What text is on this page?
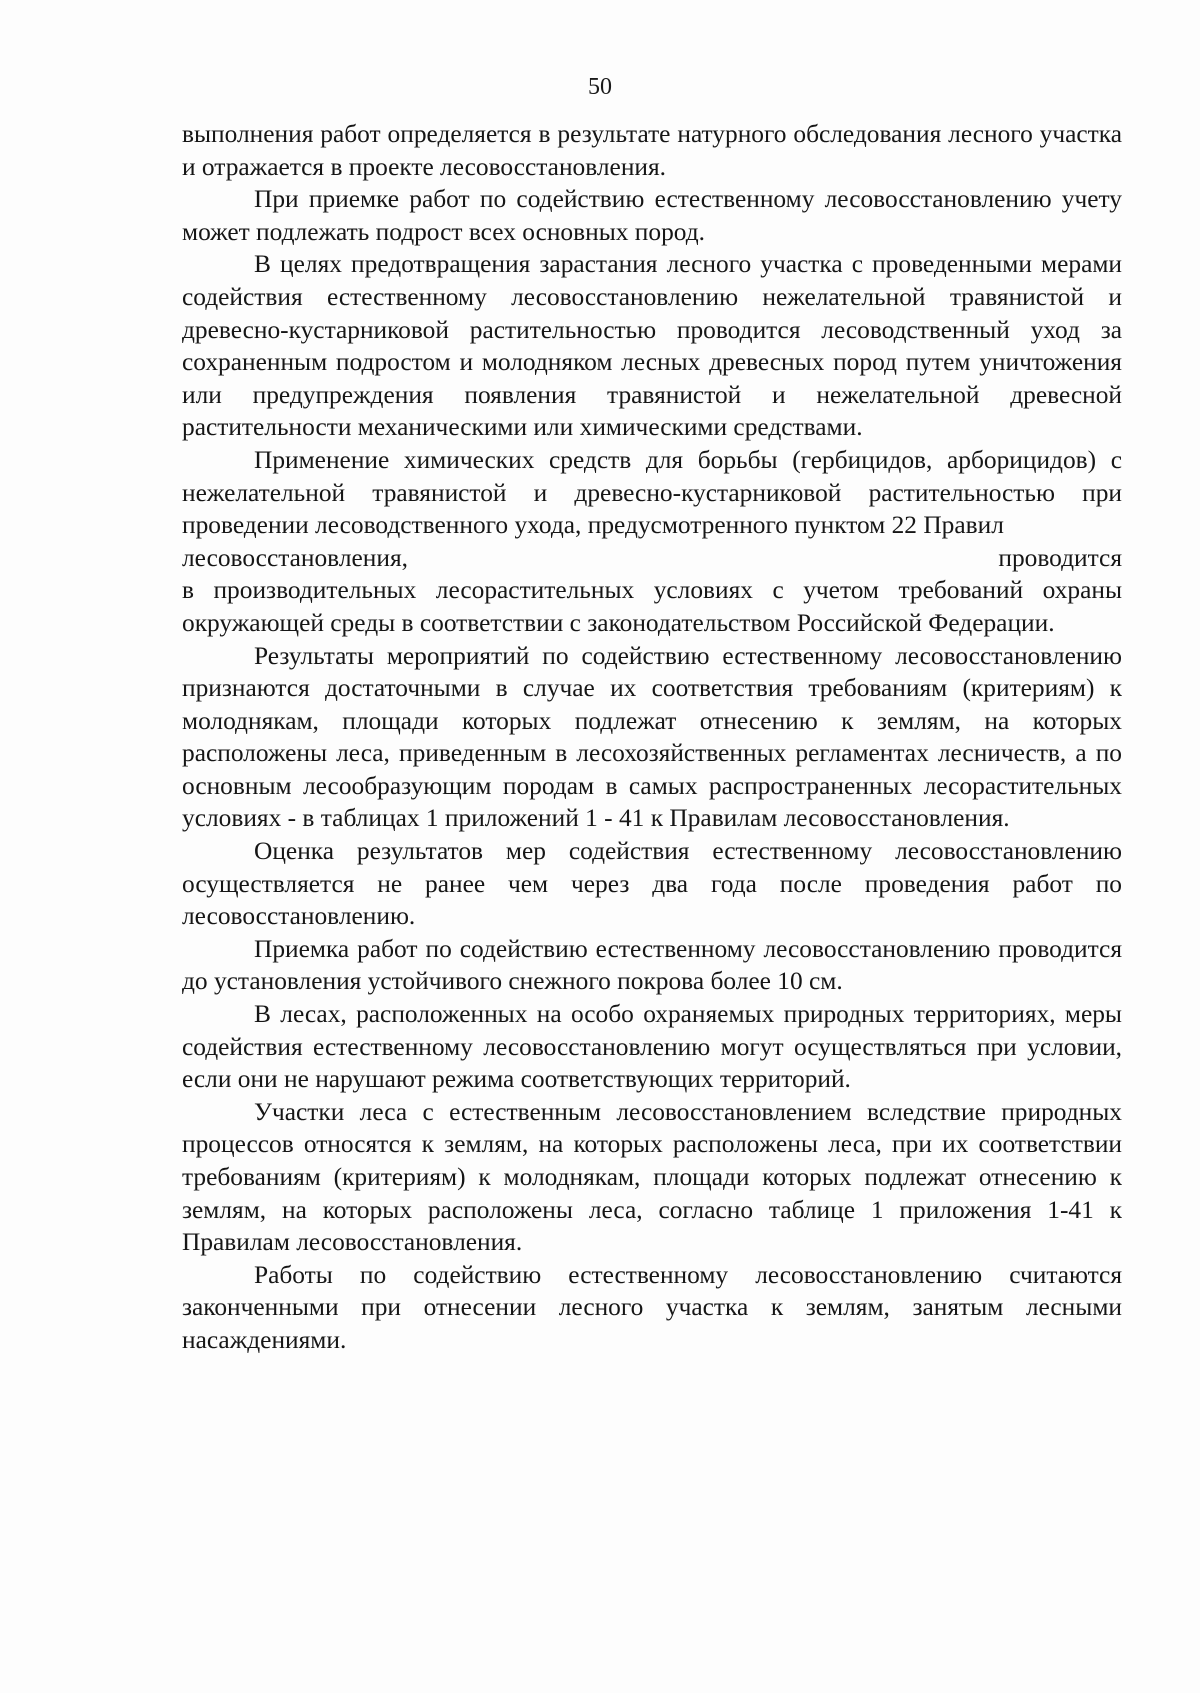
50

выполнения работ определяется в результате натурного обследования лесного участка и отражается в проекте лесовосстановления.

При приемке работ по содействию естественному лесовосстановлению учету может подлежать подрост всех основных пород.

В целях предотвращения зарастания лесного участка с проведенными мерами содействия естественному лесовосстановлению нежелательной травянистой и древесно-кустарниковой растительностью проводится лесоводственный уход за сохраненным подростом и молодняком лесных древесных пород путем уничтожения или предупреждения появления травянистой и нежелательной древесной растительности механическими или химическими средствами.

Применение химических средств для борьбы (гербицидов, арборицидов) с нежелательной травянистой и древесно-кустарниковой растительностью при проведении лесоводственного ухода, предусмотренного пунктом 22 Правил

лесовосстановления,	проводится

в производительных лесорастительных условиях с учетом требований охраны окружающей среды в соответствии с законодательством Российской Федерации.

Результаты мероприятий по содействию естественному лесовосстановлению признаются достаточными в случае их соответствия требованиям (критериям) к молоднякам, площади которых подлежат отнесению к землям, на которых расположены леса, приведенным в лесохозяйственных регламентах лесничеств, а по основным лесообразующим породам в самых распространенных лесорастительных условиях - в таблицах 1 приложений 1 - 41 к Правилам лесовосстановления.

Оценка результатов мер содействия естественному лесовосстановлению осуществляется не ранее чем через два года после проведения работ по лесовосстановлению.

Приемка работ по содействию естественному лесовосстановлению проводится до установления устойчивого снежного покрова более 10 см.

В лесах, расположенных на особо охраняемых природных территориях, меры содействия естественному лесовосстановлению могут осуществляться при условии, если они не нарушают режима соответствующих территорий.

Участки леса с естественным лесовосстановлением вследствие природных процессов относятся к землям, на которых расположены леса, при их соответствии требованиям (критериям) к молоднякам, площади которых подлежат отнесению к землям, на которых расположены леса, согласно таблице 1 приложения 1-41 к Правилам лесовосстановления.

Работы по содействию естественному лесовосстановлению считаются законченными при отнесении лесного участка к землям, занятым лесными насаждениями.
